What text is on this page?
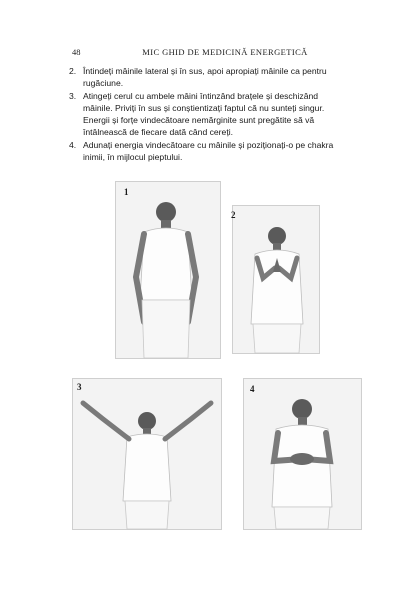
48	MIC GHID DE MEDICINĂ ENERGETICĂ
2. Întindeți mâinile lateral și în sus, apoi apropiați mâinile ca pentru rugăciune.
3. Atingeți cerul cu ambele mâini întinzând brațele și deschizând mâinile. Priviți în sus și conștientizați faptul că nu sunteți singur. Energii și forțe vindecătoare nemărginite sunt pregătite să vă întâlnească de fiecare dată când cereți.
4. Adunați energia vindecătoare cu mâinile și poziționați-o pe chakra inimii, în mijlocul pieptului.
1
2
3	4
